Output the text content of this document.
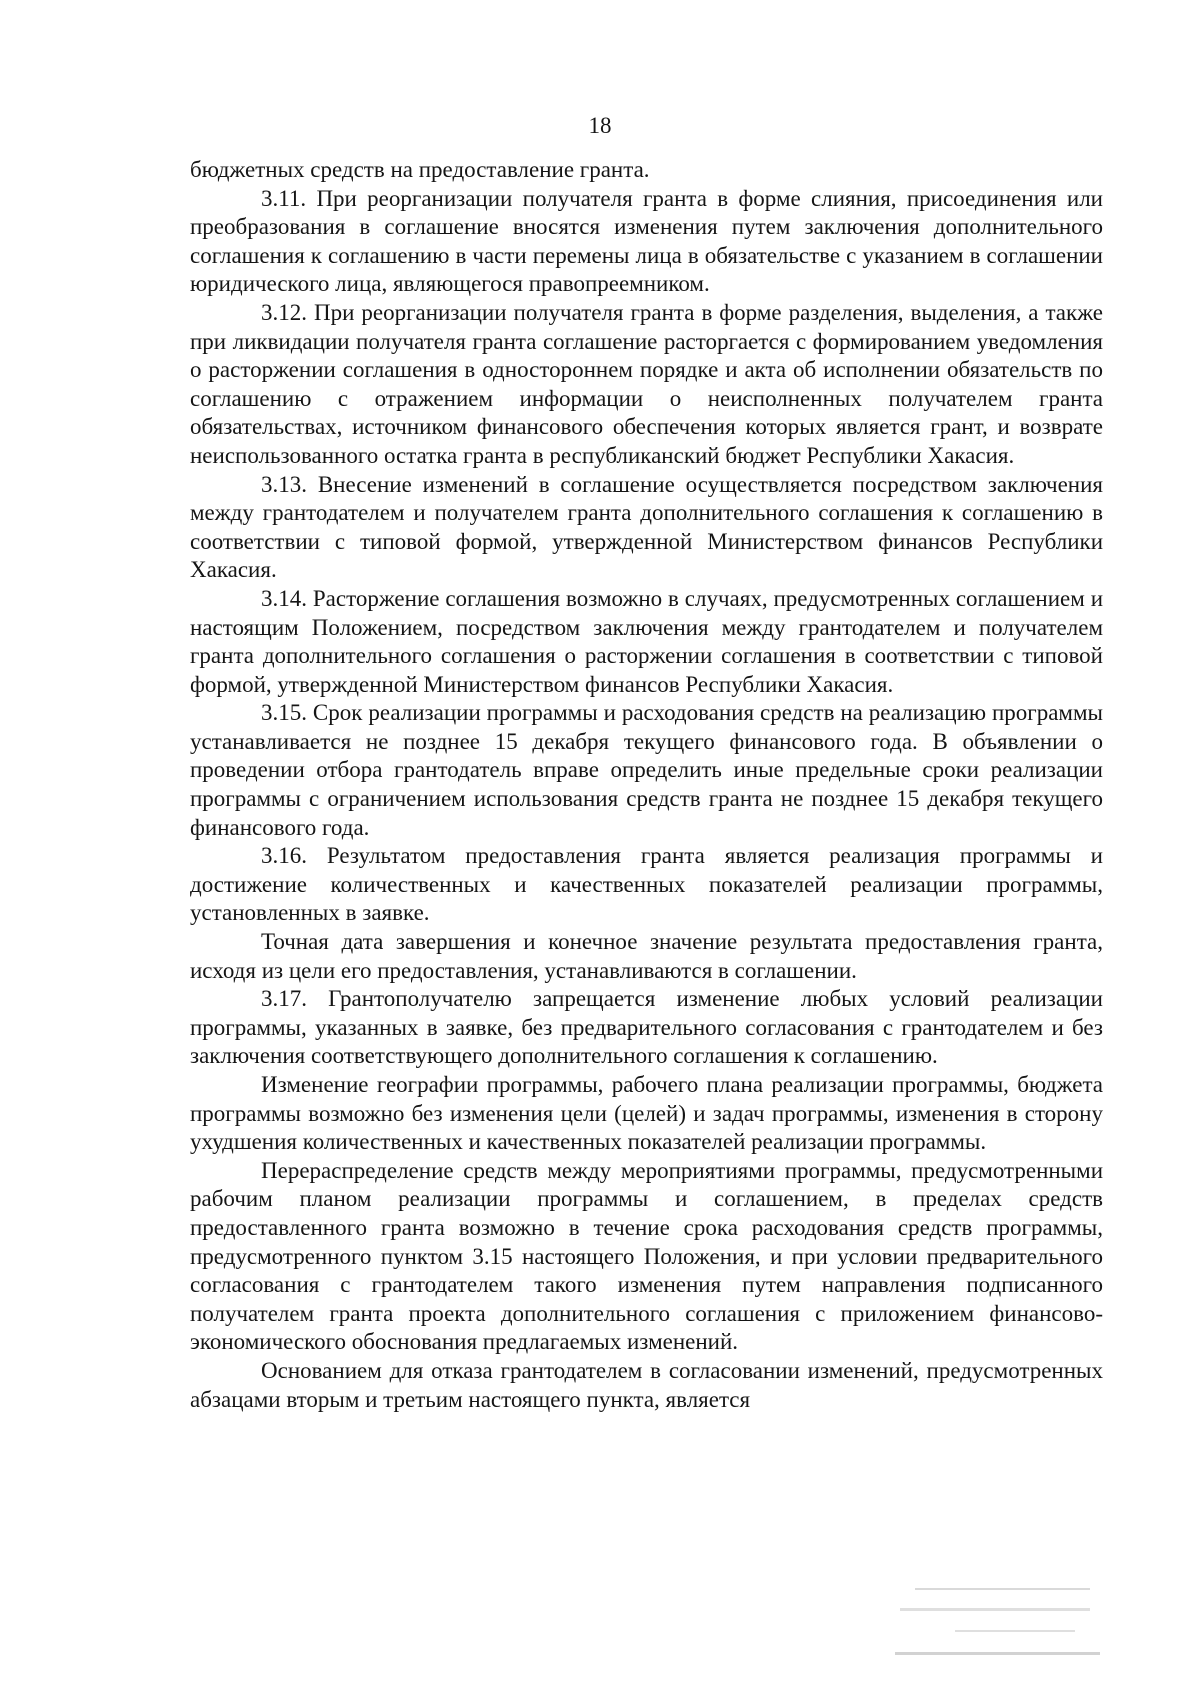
18

бюджетных средств на предоставление гранта.

3.11. При реорганизации получателя гранта в форме слияния, присоединения или преобразования в соглашение вносятся изменения путем заключения дополнительного соглашения к соглашению в части перемены лица в обязательстве с указанием в соглашении юридического лица, являющегося правопреемником.

3.12. При реорганизации получателя гранта в форме разделения, выделения, а также при ликвидации получателя гранта соглашение расторгается с формированием уведомления о расторжении соглашения в одностороннем порядке и акта об исполнении обязательств по соглашению с отражением информации о неисполненных получателем гранта обязательствах, источником финансового обеспечения которых является грант, и возврате неиспользованного остатка гранта в республиканский бюджет Республики Хакасия.

3.13. Внесение изменений в соглашение осуществляется посредством заключения между грантодателем и получателем гранта дополнительного соглашения к соглашению в соответствии с типовой формой, утвержденной Министерством финансов Республики Хакасия.

3.14. Расторжение соглашения возможно в случаях, предусмотренных соглашением и настоящим Положением, посредством заключения между грантодателем и получателем гранта дополнительного соглашения о расторжении соглашения в соответствии с типовой формой, утвержденной Министерством финансов Республики Хакасия.

3.15. Срок реализации программы и расходования средств на реализацию программы устанавливается не позднее 15 декабря текущего финансового года. В объявлении о проведении отбора грантодатель вправе определить иные предельные сроки реализации программы с ограничением использования средств гранта не позднее 15 декабря текущего финансового года.

3.16. Результатом предоставления гранта является реализация программы и достижение количественных и качественных показателей реализации программы, установленных в заявке.

Точная дата завершения и конечное значение результата предоставления гранта, исходя из цели его предоставления, устанавливаются в соглашении.

3.17. Грантополучателю запрещается изменение любых условий реализации программы, указанных в заявке, без предварительного согласования с грантодателем и без заключения соответствующего дополнительного соглашения к соглашению.

Изменение географии программы, рабочего плана реализации программы, бюджета программы возможно без изменения цели (целей) и задач программы, изменения в сторону ухудшения количественных и качественных показателей реализации программы.

Перераспределение средств между мероприятиями программы, предусмотренными рабочим планом реализации программы и соглашением, в пределах средств предоставленного гранта возможно в течение срока расходования средств программы, предусмотренного пунктом 3.15 настоящего Положения, и при условии предварительного согласования с грантодателем такого изменения путем направления подписанного получателем гранта проекта дополнительного соглашения с приложением финансово-экономического обоснования предлагаемых изменений.

Основанием для отказа грантодателем в согласовании изменений, предусмотренных абзацами вторым и третьим настоящего пункта, является
